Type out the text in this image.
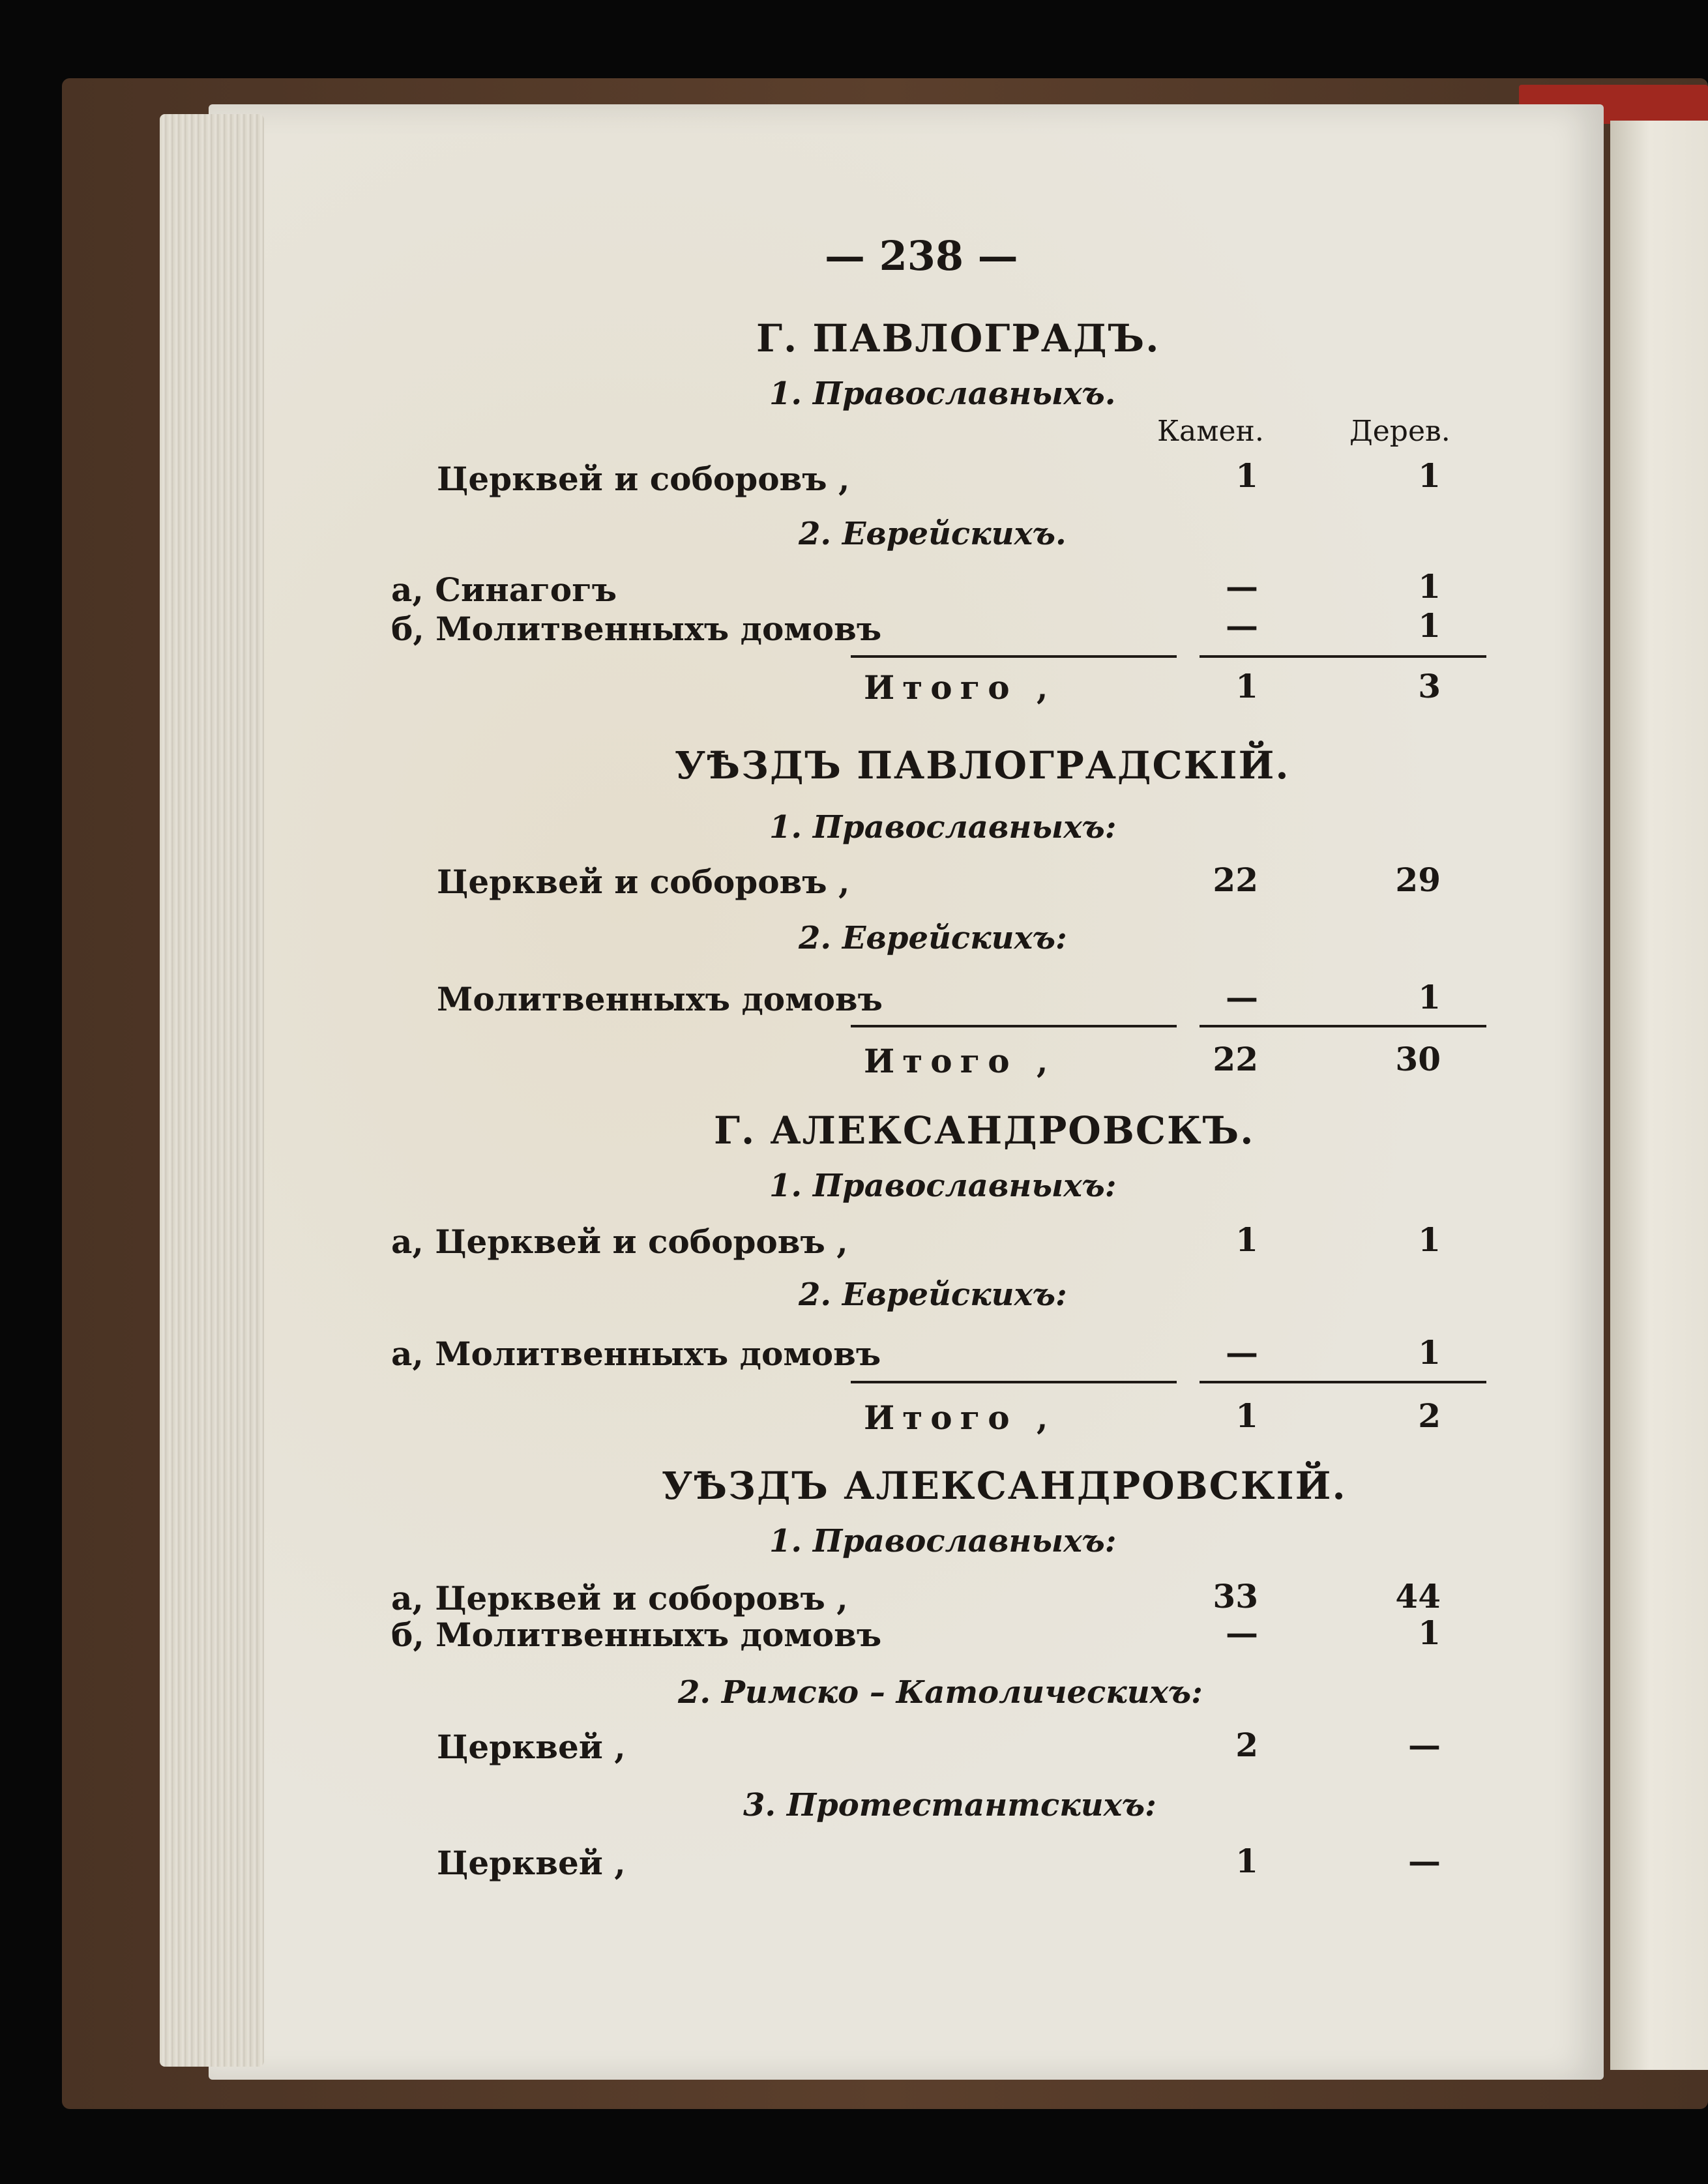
— 238 —
Г. ПАВЛОГРАДЪ.
1. Православныхъ.
Камен.	Дерев.
Церквей и соборовъ ,	1	1
2. Еврейскихъ.
а, Синагогъ	—	1
б, Молитвенныхъ домовъ	—	1
Итого ,	1	3
УѢЗДЪ ПАВЛОГРАДСКІЙ.
1. Православныхъ:
Церквей и соборовъ ,	22	29
2. Еврейскихъ:
Молитвенныхъ домовъ	—	1
Итого ,	22	30
Г. АЛЕКСАНДРОВСКЪ.
1. Православныхъ:
а, Церквей и соборовъ ,	1	1
2. Еврейскихъ:
а, Молитвенныхъ домовъ	—	1
Итого ,	1	2
УѢЗДЪ АЛЕКСАНДРОВСКІЙ.
1. Православныхъ:
а, Церквей и соборовъ ,	33	44
б, Молитвенныхъ домовъ	—	1
2. Римско – Католическихъ:
Церквей ,	2	—
3. Протестантскихъ:
Церквей ,	1	—
